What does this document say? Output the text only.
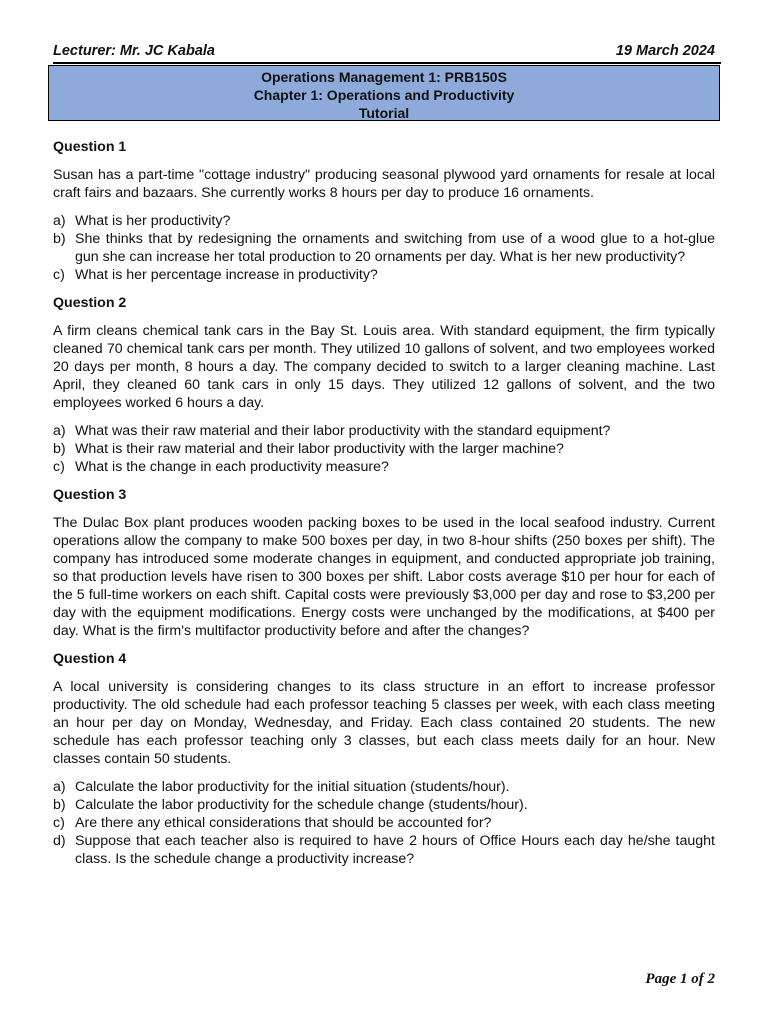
Lecturer: Mr. JC Kabala	19 March 2024
Operations Management 1: PRB150S
Chapter 1: Operations and Productivity
Tutorial
Question 1
Susan has a part-time "cottage industry" producing seasonal plywood yard ornaments for resale at local craft fairs and bazaars. She currently works 8 hours per day to produce 16 ornaments.
a) What is her productivity?
b) She thinks that by redesigning the ornaments and switching from use of a wood glue to a hot-glue gun she can increase her total production to 20 ornaments per day. What is her new productivity?
c) What is her percentage increase in productivity?
Question 2
A firm cleans chemical tank cars in the Bay St. Louis area. With standard equipment, the firm typically cleaned 70 chemical tank cars per month. They utilized 10 gallons of solvent, and two employees worked 20 days per month, 8 hours a day. The company decided to switch to a larger cleaning machine. Last April, they cleaned 60 tank cars in only 15 days. They utilized 12 gallons of solvent, and the two employees worked 6 hours a day.
a) What was their raw material and their labor productivity with the standard equipment?
b) What is their raw material and their labor productivity with the larger machine?
c) What is the change in each productivity measure?
Question 3
The Dulac Box plant produces wooden packing boxes to be used in the local seafood industry. Current operations allow the company to make 500 boxes per day, in two 8-hour shifts (250 boxes per shift). The company has introduced some moderate changes in equipment, and conducted appropriate job training, so that production levels have risen to 300 boxes per shift. Labor costs average $10 per hour for each of the 5 full-time workers on each shift. Capital costs were previously $3,000 per day and rose to $3,200 per day with the equipment modifications. Energy costs were unchanged by the modifications, at $400 per day. What is the firm's multifactor productivity before and after the changes?
Question 4
A local university is considering changes to its class structure in an effort to increase professor productivity. The old schedule had each professor teaching 5 classes per week, with each class meeting an hour per day on Monday, Wednesday, and Friday. Each class contained 20 students. The new schedule has each professor teaching only 3 classes, but each class meets daily for an hour. New classes contain 50 students.
a) Calculate the labor productivity for the initial situation (students/hour).
b) Calculate the labor productivity for the schedule change (students/hour).
c) Are there any ethical considerations that should be accounted for?
d) Suppose that each teacher also is required to have 2 hours of Office Hours each day he/she taught class. Is the schedule change a productivity increase?
Page 1 of 2
